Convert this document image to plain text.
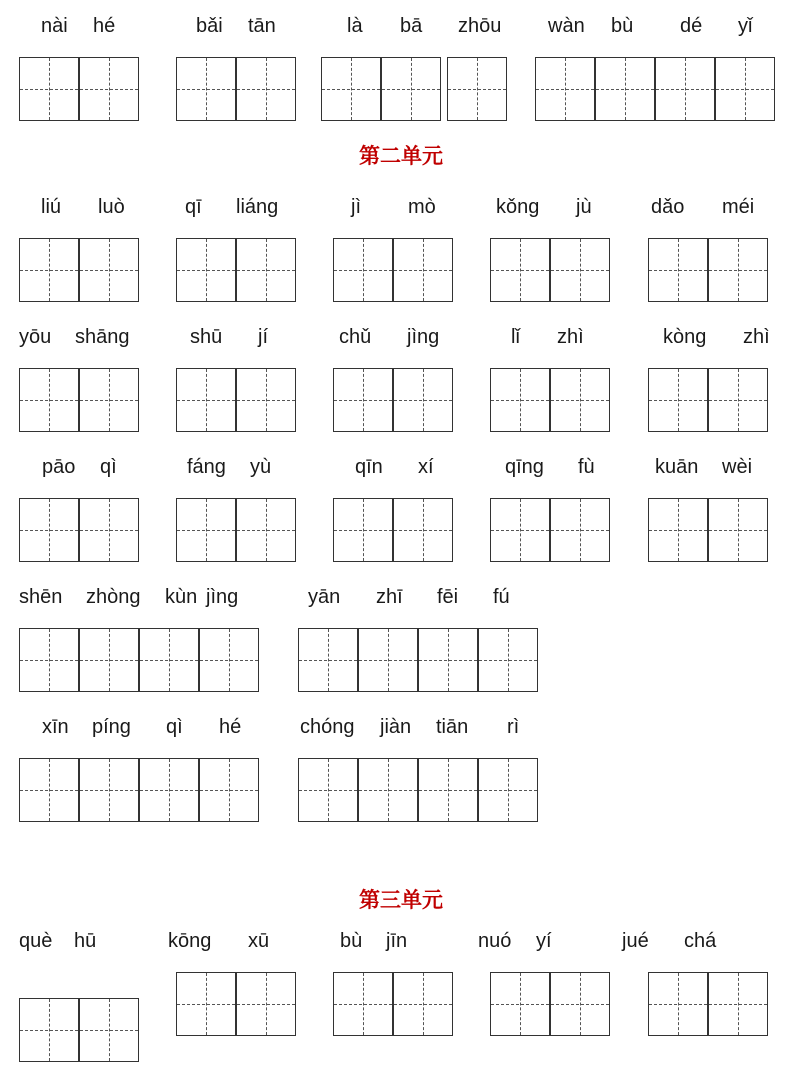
第二单元
第三单元
nài hé	bǎi tān	là bā zhōu wàn bù dé yǐ
liú luò	qī liáng	jì mò	kǒng jù	dǎo méi
yōu shāng	shū jí	chǔ jìng	lǐ zhì	kòng zhì
pāo qì	fáng yù	qīn xí	qīng fù	kuān wèi
shēn zhòng kùn jìng	yān zhī fēi fú
xīn píng qì hé	chóng jiàn tiān rì
què hū	kōng xū	bù jīn	nuó yí	jué chá
